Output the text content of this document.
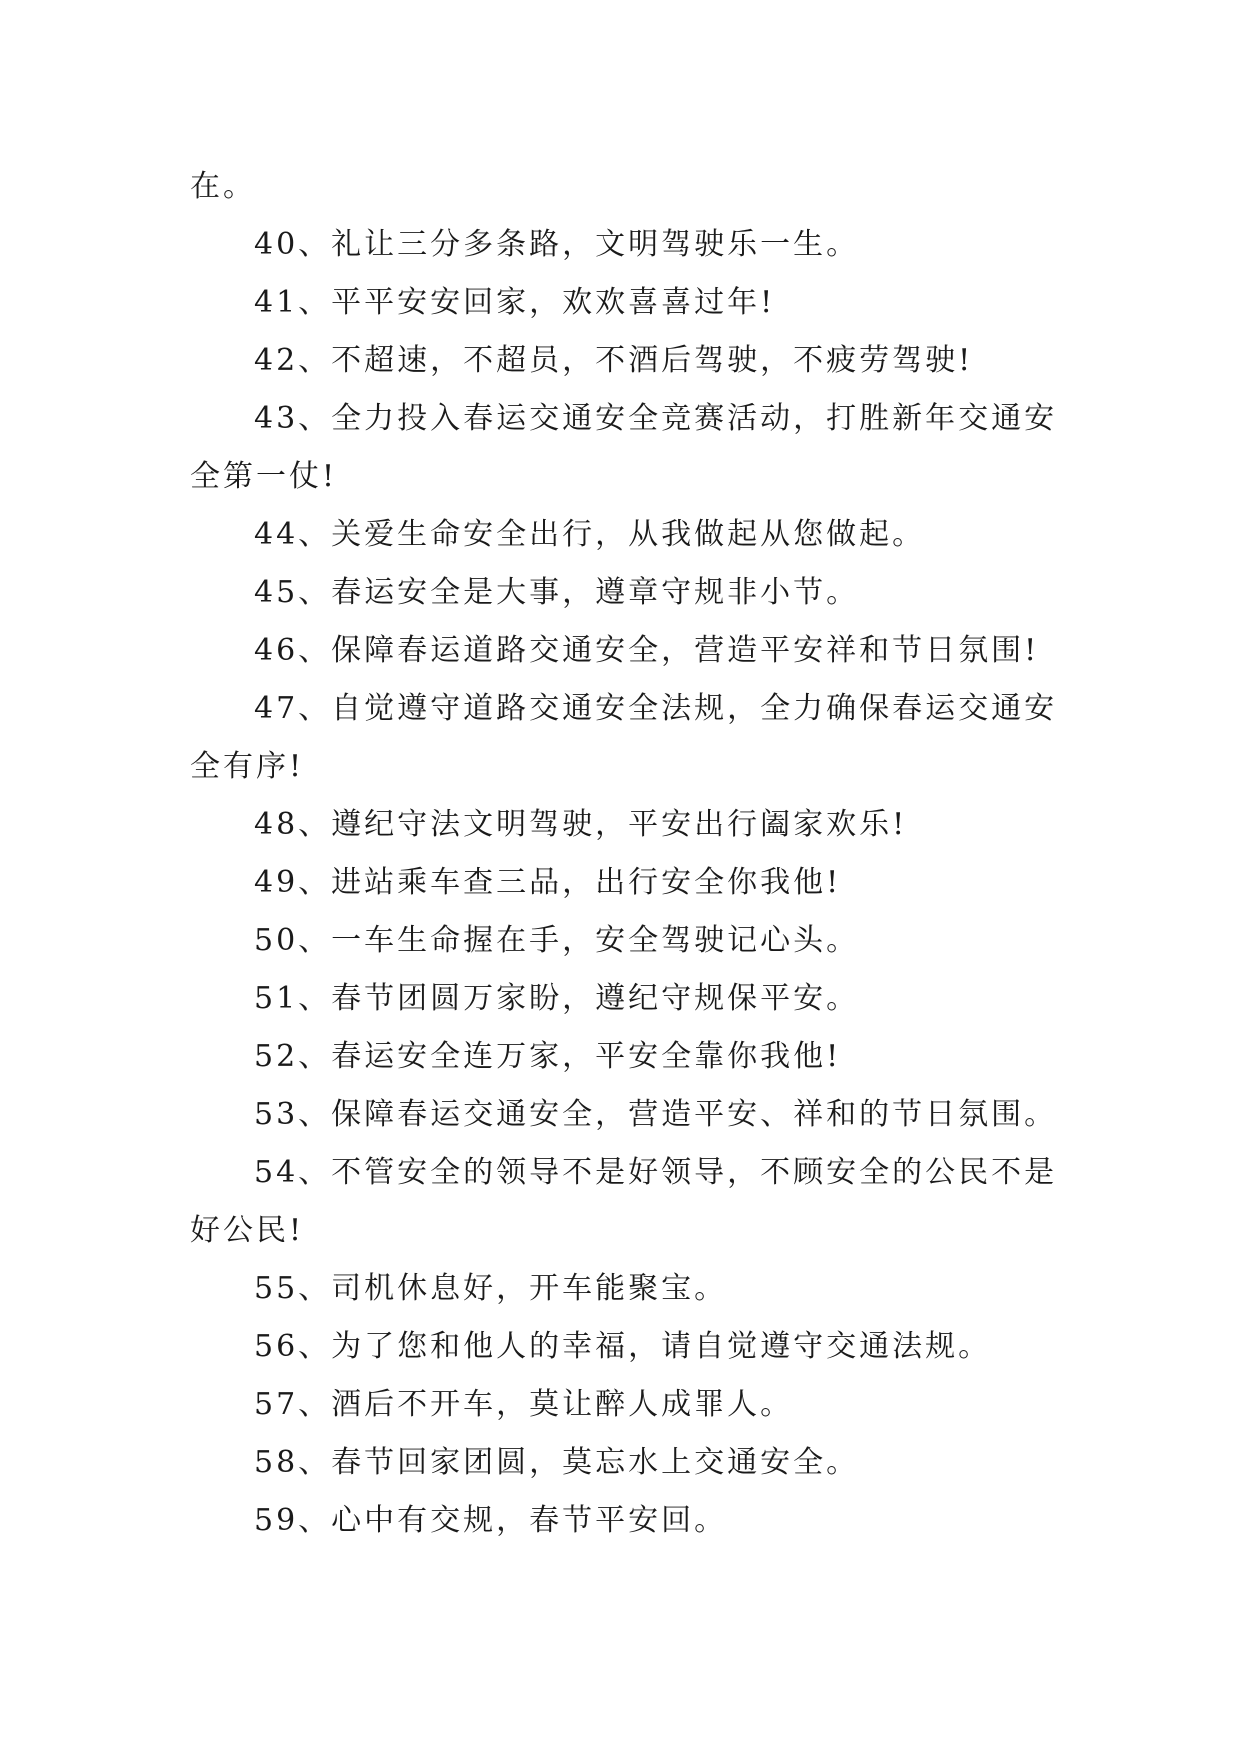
在。

40、礼让三分多条路，文明驾驶乐一生。

41、平平安安回家，欢欢喜喜过年!

42、不超速，不超员，不酒后驾驶，不疲劳驾驶!

43、全力投入春运交通安全竞赛活动，打胜新年交通安全第一仗!

44、关爱生命安全出行，从我做起从您做起。

45、春运安全是大事，遵章守规非小节。

46、保障春运道路交通安全，营造平安祥和节日氛围!

47、自觉遵守道路交通安全法规，全力确保春运交通安全有序!

48、遵纪守法文明驾驶，平安出行阖家欢乐!

49、进站乘车查三品，出行安全你我他!

50、一车生命握在手，安全驾驶记心头。

51、春节团圆万家盼，遵纪守规保平安。

52、春运安全连万家，平安全靠你我他!

53、保障春运交通安全，营造平安、祥和的节日氛围。

54、不管安全的领导不是好领导，不顾安全的公民不是好公民!

55、司机休息好，开车能聚宝。

56、为了您和他人的幸福，请自觉遵守交通法规。

57、酒后不开车，莫让醉人成罪人。

58、春节回家团圆，莫忘水上交通安全。

59、心中有交规，春节平安回。
